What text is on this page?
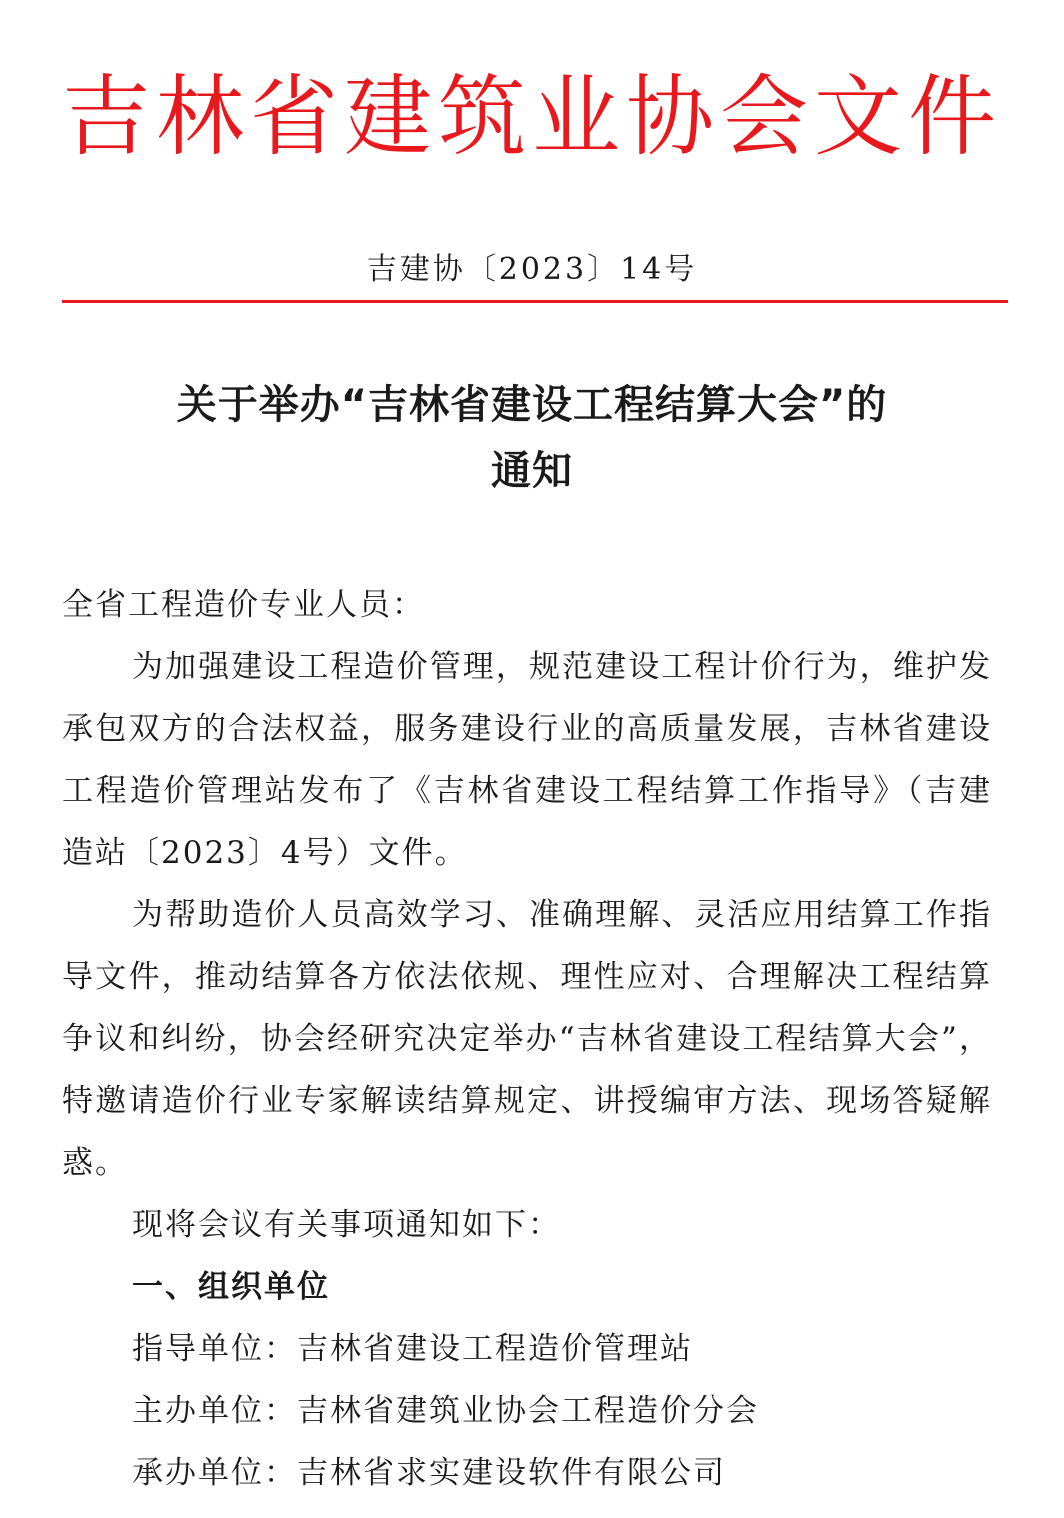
吉林省建筑业协会文件
吉建协〔2023〕14号
关于举办“吉林省建设工程结算大会”的
通知

全省工程造价专业人员：

为加强建设工程造价管理，规范建设工程计价行为，维护发承包双方的合法权益，服务建设行业的高质量发展，吉林省建设工程造价管理站发布了《吉林省建设工程结算工作指导》（吉建造站〔2023〕4号）文件。

为帮助造价人员高效学习、准确理解、灵活应用结算工作指导文件，推动结算各方依法依规、理性应对、合理解决工程结算争议和纠纷，协会经研究决定举办“吉林省建设工程结算大会”，特邀请造价行业专家解读结算规定、讲授编审方法、现场答疑解惑。

现将会议有关事项通知如下：

一、组织单位

指导单位：吉林省建设工程造价管理站

主办单位：吉林省建筑业协会工程造价分会

承办单位：吉林省求实建设软件有限公司
